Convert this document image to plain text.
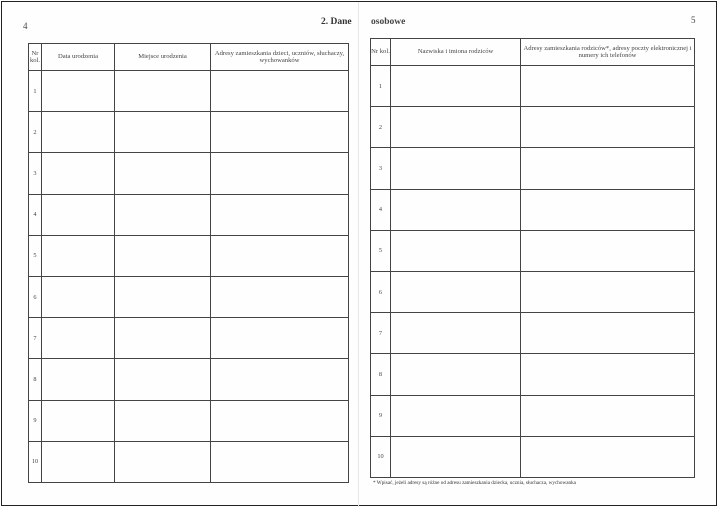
4	2. Dane osobowe	5
Nr kol.	Data urodzenia	Miejsce urodzenia	Adresy zamieszkania dzieci, uczniów, słuchaczy, wychowanków
1			
2			
3			
4			
5			
6			
7			
8			
9			
10			
Nr kol.	Nazwiska i imiona rodziców	Adresy zamieszkania rodziców*, adresy poczty elektronicznej i numery ich telefonów
1		
2		
3		
4		
5		
6		
7		
8		
9		
10		
* Wpisać, jeżeli adresy są różne od adresu zamieszkania dziecka, ucznia, słuchacza, wychowanka
